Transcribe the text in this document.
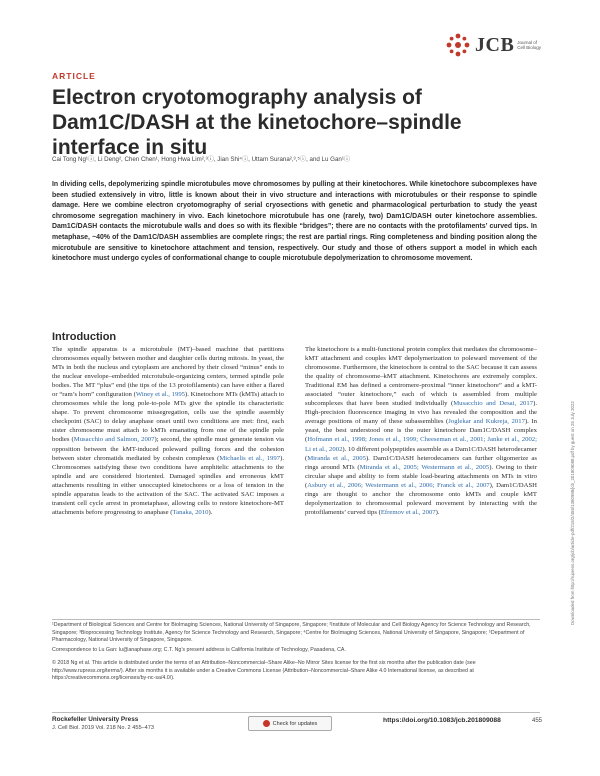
JCB Journal of
Cell Biology
ARTICLE
Electron cryotomography analysis of Dam1C/DASH at the kinetochore–spindle interface in situ
Cai Tong Ng¹ⓘ, Li Deng², Chen Chen¹, Hong Hwa Lim²,³ⓘ, Jian Shi⁴ⓘ, Uttam Surana²,³,⁵ⓘ, and Lu Gan¹ⓘ
In dividing cells, depolymerizing spindle microtubules move chromosomes by pulling at their kinetochores. While kinetochore subcomplexes have been studied extensively in vitro, little is known about their in vivo structure and interactions with microtubules or their response to spindle damage. Here we combine electron cryotomography of serial cryosections with genetic and pharmacological perturbation to study the yeast chromosome segregation machinery in vivo. Each kinetochore microtubule has one (rarely, two) Dam1C/DASH outer kinetochore assemblies. Dam1C/DASH contacts the microtubule walls and does so with its flexible “bridges”; there are no contacts with the protofilaments’ curved tips. In metaphase, ~40% of the Dam1C/DASH assemblies are complete rings; the rest are partial rings. Ring completeness and binding position along the microtubule are sensitive to kinetochore attachment and tension, respectively. Our study and those of others support a model in which each kinetochore must undergo cycles of conformational change to couple microtubule depolymerization to chromosome movement.
Downloaded from http://rupress.org/jcb/article-pdf/218/2/455/1380988/jcb_201809088.pdf by guest on 25 July 2022
Introduction
The spindle apparatus is a microtubule (MT)–based machine that partitions chromosomes equally between mother and daughter cells during mitosis. In yeast, the MTs in both the nucleus and cytoplasm are anchored by their closed “minus” ends to the nuclear envelope–embedded microtubule-organizing centers, termed spindle pole bodies. The MT “plus” end (the tips of the 13 protofilaments) can have either a flared or “ram’s horn” configuration (Winey et al., 1995). Kinetochore MTs (kMTs) attach to chromosomes while the long pole-to-pole MTs give the spindle its characteristic shape. To prevent chromosome missegregation, cells use the spindle assembly checkpoint (SAC) to delay anaphase onset until two conditions are met: first, each sister chromosome must attach to kMTs emanating from one of the spindle pole bodies (Musacchio and Salmon, 2007); second, the spindle must generate tension via opposition between the kMT-induced poleward pulling forces and the cohesion between sister chromatids mediated by cohesin complexes (Michaelis et al., 1997). Chromosomes satisfying these two conditions have amphitelic attachments to the spindle and are considered bioriented. Damaged spindles and erroneous kMT attachments resulting in either unoccupied kinetochores or a loss of tension in the spindle apparatus leads to the activation of the SAC. The activated SAC imposes a transient cell cycle arrest in prometaphase, allowing cells to restore kinetochore-MT attachments before progressing to anaphase (Tanaka, 2010).
The kinetochore is a multi-functional protein complex that mediates the chromosome–kMT attachment and couples kMT depolymerization to poleward movement of the chromosome. Furthermore, the kinetochore is central to the SAC because it can assess the quality of chromosome–kMT attachment. Kinetochores are extremely complex. Traditional EM has defined a centromere-proximal “inner kinetochore” and a kMT-associated “outer kinetochore,” each of which is assembled from multiple subcomplexes that have been studied individually (Musacchio and Desai, 2017). High-precision fluorescence imaging in vivo has revealed the composition and the average positions of many of these subassemblies (Joglekar and Kukreja, 2017). In yeast, the best understood one is the outer kinetochore Dam1C/DASH complex (Hofmann et al., 1998; Jones et al., 1999; Cheeseman et al., 2001; Janke et al., 2002; Li et al., 2002). 10 different polypeptides assemble as a Dam1C/DASH heterodecamer (Miranda et al., 2005). Dam1C/DASH heterodecamers can further oligomerize as rings around MTs (Miranda et al., 2005; Westermann et al., 2005). Owing to their circular shape and ability to form stable load-bearing attachments on MTs in vitro (Asbury et al., 2006; Westermann et al., 2006; Franck et al., 2007), Dam1C/DASH rings are thought to anchor the chromosome onto kMTs and couple kMT depolymerization to chromosomal poleward movement by interacting with the protofilaments’ curved tips (Efremov et al., 2007).
¹Department of Biological Sciences and Centre for BioImaging Sciences, National University of Singapore, Singapore; ²Institute of Molecular and Cell Biology Agency for Science Technology and Research, Singapore; ³Bioprocessing Technology Institute, Agency for Science Technology and Research, Singapore; ⁴Centre for BioImaging Sciences, National University of Singapore, Singapore; ⁵Department of Pharmacology, National University of Singapore, Singapore.
Correspondence to Lu Gan: lu@anaphase.org; C.T. Ng’s present address is California Institute of Technology, Pasadena, CA.
© 2018 Ng et al. This article is distributed under the terms of an Attribution–Noncommercial–Share Alike–No Mirror Sites license for the first six months after the publication date (see http://www.rupress.org/terms/). After six months it is available under a Creative Commons License (Attribution–Noncommercial–Share Alike 4.0 International license, as described at https://creativecommons.org/licenses/by-nc-sa/4.0/).
Rockefeller University Press
J. Cell Biol. 2019 Vol. 218 No. 2 455–473
Check for updates	https://doi.org/10.1083/jcb.201809088	455
